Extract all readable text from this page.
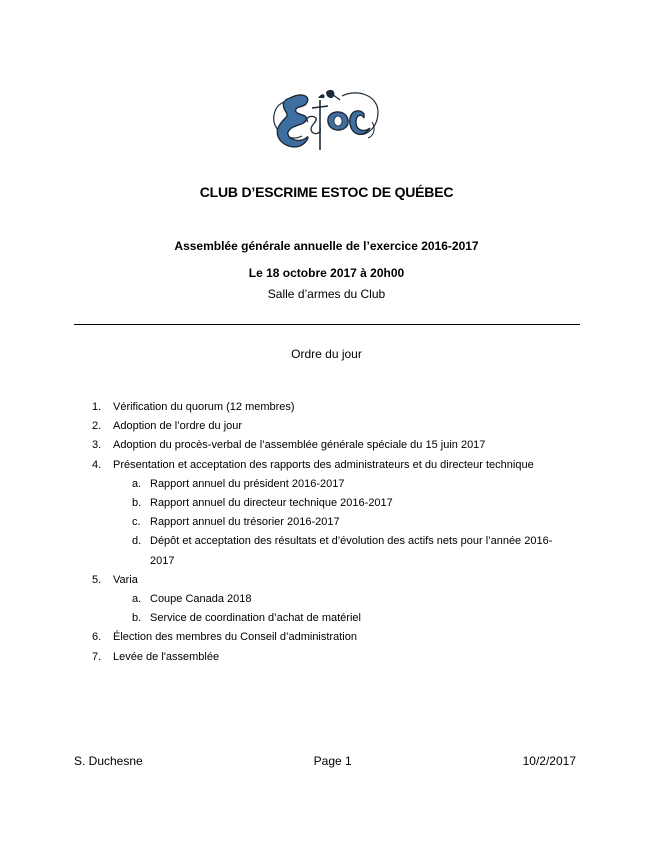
CLUB D’ESCRIME ESTOC DE QUÉBEC
Assemblée générale annuelle de l’exercice 2016-2017
Le 18 octobre 2017 à 20h00
Salle d’armes du Club
Ordre du jour
1. Vérification du quorum (12 membres)
2. Adoption de l’ordre du jour
3. Adoption du procès-verbal de l’assemblée générale spéciale du 15 juin 2017
4. Présentation et acceptation des rapports des administrateurs et du directeur technique
a. Rapport annuel du président 2016-2017
b. Rapport annuel du directeur technique 2016-2017
c. Rapport annuel du trésorier 2016-2017
d. Dépôt et acceptation des résultats et d’évolution des actifs nets pour l’année 2016-2017
5. Varia
a. Coupe Canada 2018
b. Service de coordination d’achat de matériel
6. Élection des membres du Conseil d’administration
7. Levée de l'assemblée
S. Duchesne	Page 1	10/2/2017
